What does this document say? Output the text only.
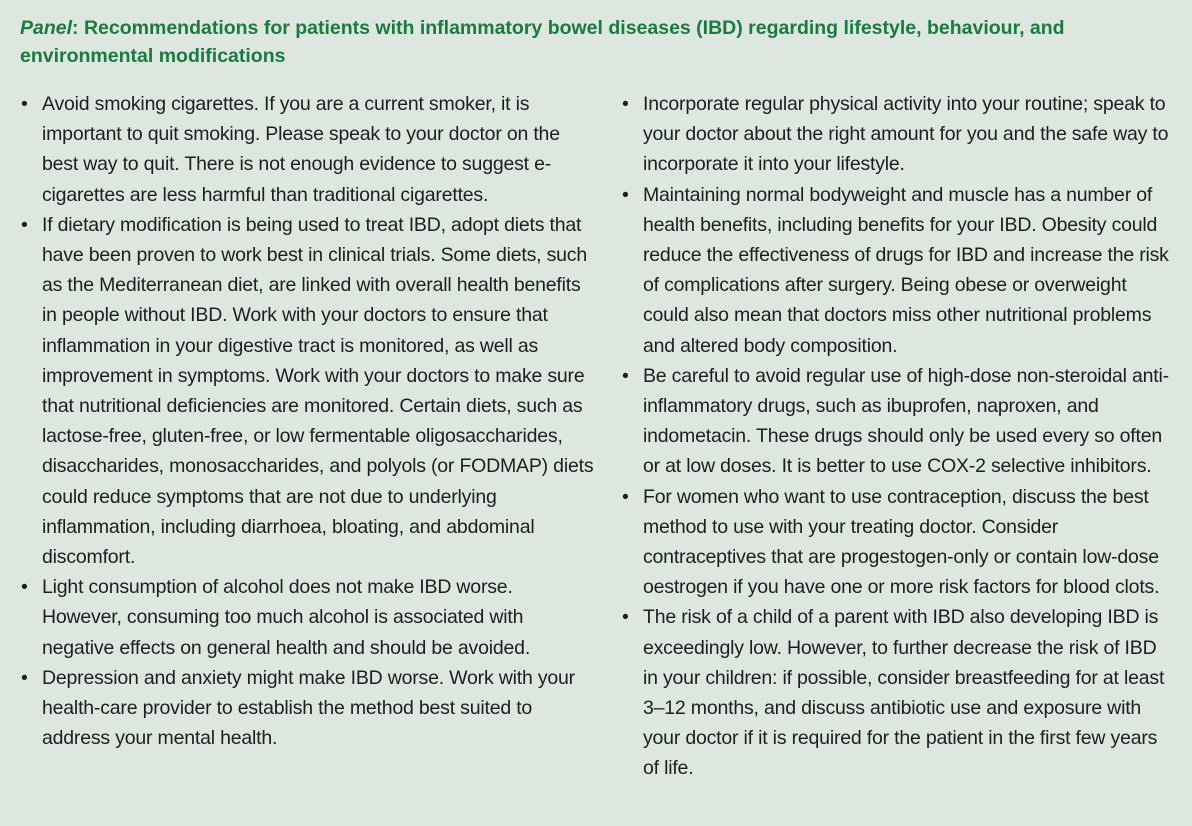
Panel: Recommendations for patients with inflammatory bowel diseases (IBD) regarding lifestyle, behaviour, and environmental modifications
• Avoid smoking cigarettes. If you are a current smoker, it is important to quit smoking. Please speak to your doctor on the best way to quit. There is not enough evidence to suggest e-cigarettes are less harmful than traditional cigarettes.
• If dietary modification is being used to treat IBD, adopt diets that have been proven to work best in clinical trials. Some diets, such as the Mediterranean diet, are linked with overall health benefits in people without IBD. Work with your doctors to ensure that inflammation in your digestive tract is monitored, as well as improvement in symptoms. Work with your doctors to make sure that nutritional deficiencies are monitored. Certain diets, such as lactose-free, gluten-free, or low fermentable oligosaccharides, disaccharides, monosaccharides, and polyols (or FODMAP) diets could reduce symptoms that are not due to underlying inflammation, including diarrhoea, bloating, and abdominal discomfort.
• Light consumption of alcohol does not make IBD worse. However, consuming too much alcohol is associated with negative effects on general health and should be avoided.
• Depression and anxiety might make IBD worse. Work with your health-care provider to establish the method best suited to address your mental health.
• Incorporate regular physical activity into your routine; speak to your doctor about the right amount for you and the safe way to incorporate it into your lifestyle.
• Maintaining normal bodyweight and muscle has a number of health benefits, including benefits for your IBD. Obesity could reduce the effectiveness of drugs for IBD and increase the risk of complications after surgery. Being obese or overweight could also mean that doctors miss other nutritional problems and altered body composition.
• Be careful to avoid regular use of high-dose non-steroidal anti-inflammatory drugs, such as ibuprofen, naproxen, and indometacin. These drugs should only be used every so often or at low doses. It is better to use COX-2 selective inhibitors.
• For women who want to use contraception, discuss the best method to use with your treating doctor. Consider contraceptives that are progestogen-only or contain low-dose oestrogen if you have one or more risk factors for blood clots.
• The risk of a child of a parent with IBD also developing IBD is exceedingly low. However, to further decrease the risk of IBD in your children: if possible, consider breastfeeding for at least 3–12 months, and discuss antibiotic use and exposure with your doctor if it is required for the patient in the first few years of life.
